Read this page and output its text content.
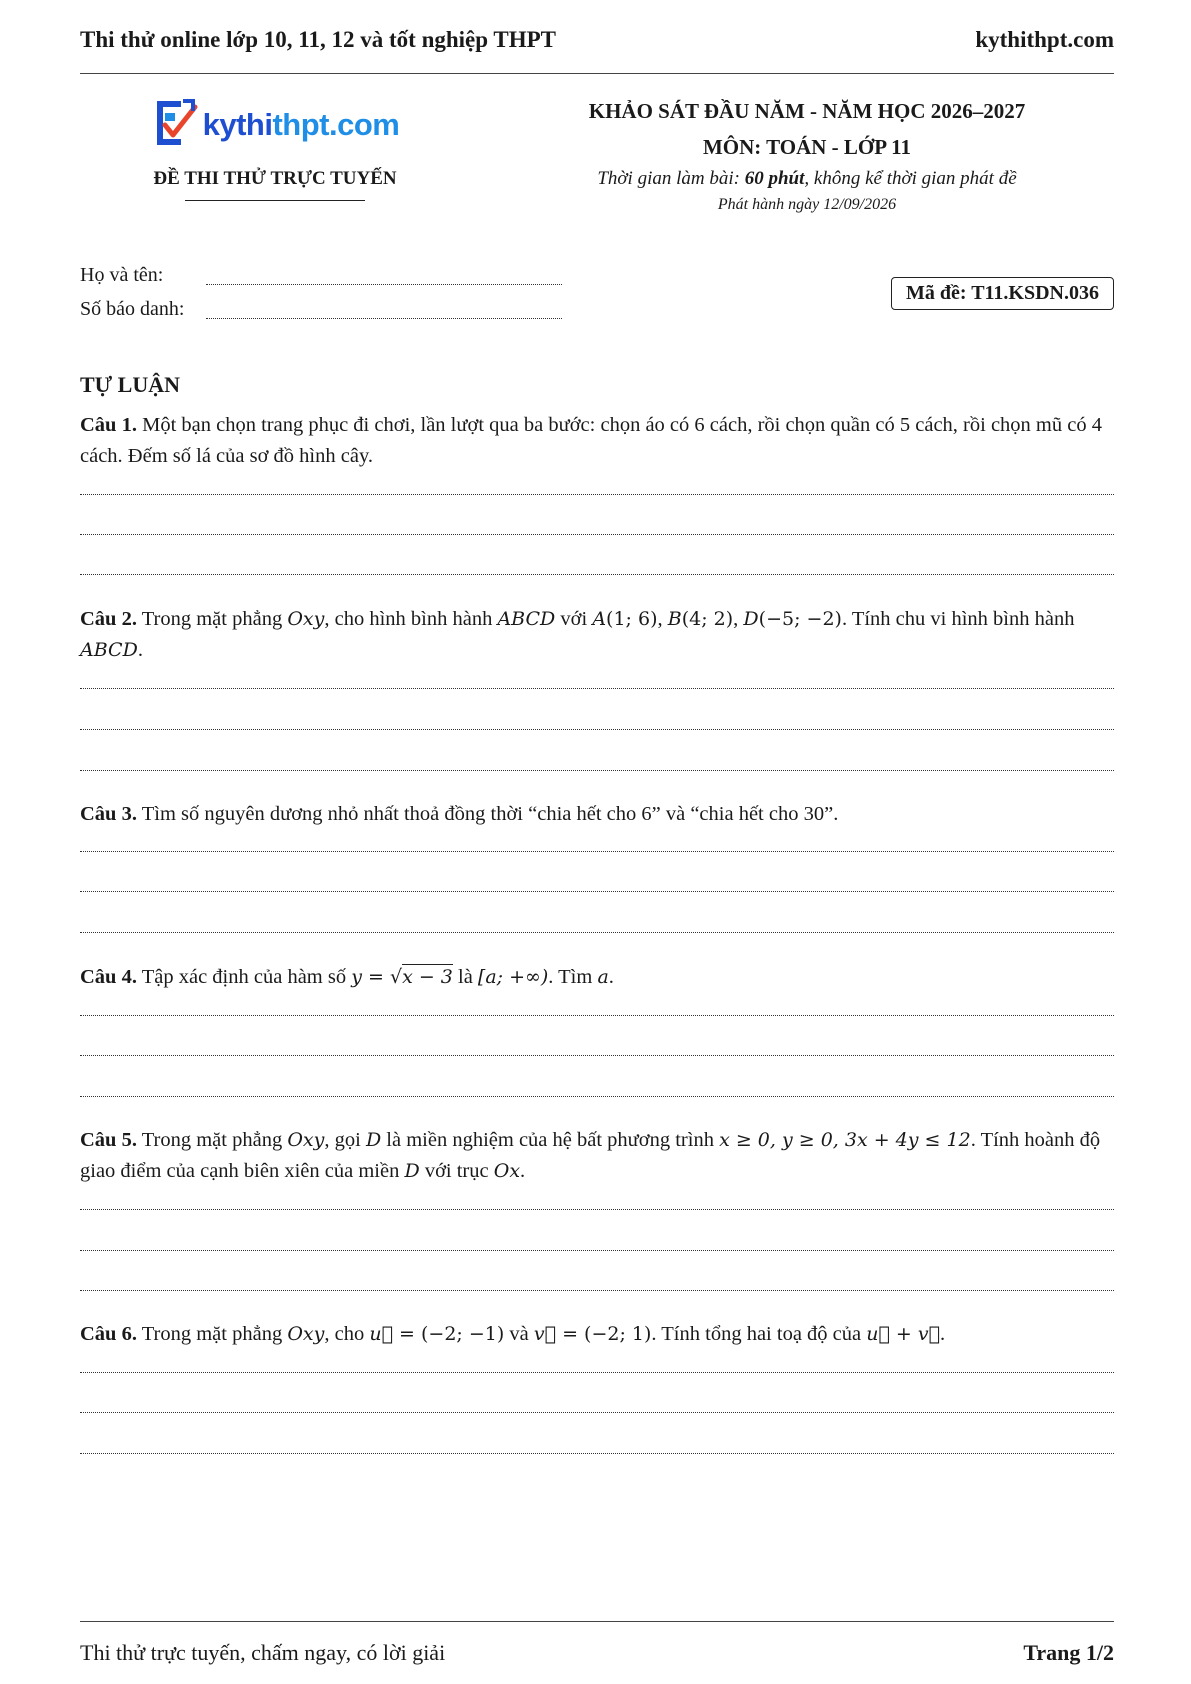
Thi thử online lớp 10, 11, 12 và tốt nghiệp THPT	kythithpt.com
kythithpt.com
ĐỀ THI THỬ TRỰC TUYẾN
KHẢO SÁT ĐẦU NĂM - NĂM HỌC 2026–2027
MÔN: TOÁN - LỚP 11
Thời gian làm bài: 60 phút, không kể thời gian phát đề
Phát hành ngày 12/09/2026
Họ và tên:
Số báo danh:
Mã đề: T11.KSDN.036
TỰ LUẬN
Câu 1. Một bạn chọn trang phục đi chơi, lần lượt qua ba bước: chọn áo có 6 cách, rồi chọn quần có 5 cách, rồi chọn mũ có 4 cách. Đếm số lá của sơ đồ hình cây.
Câu 2. Trong mặt phẳng Oxy, cho hình bình hành ABCD với A(1; 6), B(4; 2), D(−5; −2). Tính chu vi hình bình hành ABCD.
Câu 3. Tìm số nguyên dương nhỏ nhất thoả đồng thời “chia hết cho 6” và “chia hết cho 30”.
Câu 4. Tập xác định của hàm số y = √x − 3 là [a; +∞). Tìm a.
Câu 5. Trong mặt phẳng Oxy, gọi D là miền nghiệm của hệ bất phương trình x ≥ 0, y ≥ 0, 3x + 4y ≤ 12. Tính hoành độ giao điểm của cạnh biên xiên của miền D với trục Ox.
Câu 6. Trong mặt phẳng Oxy, cho u⃗ = (−2; −1) và v⃗ = (−2; 1). Tính tổng hai toạ độ của u⃗ + v⃗.
Thi thử trực tuyến, chấm ngay, có lời giải	Trang 1/2
